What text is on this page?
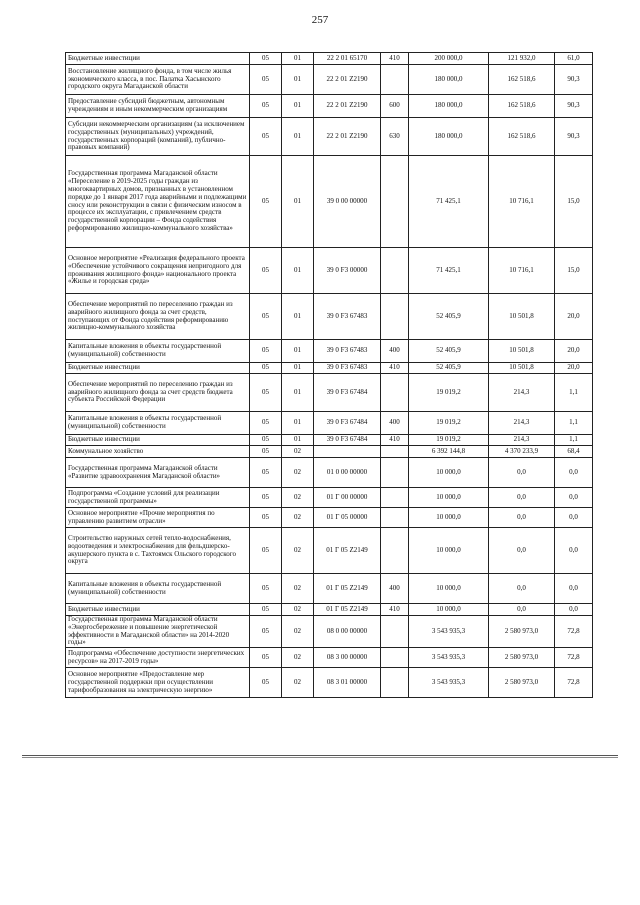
257
Бюджетные инвестиции	05	01	22 2 01 65170	410	200 000,0	121 932,0	61,0
Восстановление жилищного фонда, в том числе жилья экономического класса, в пос. Палатка Хасынского городского округа Магаданской области	05	01	22 2 01 Z2190		180 000,0	162 518,6	90,3
Предоставление субсидий бюджетным, автономным учреждениям и иным некоммерческим организациям	05	01	22 2 01 Z2190	600	180 000,0	162 518,6	90,3
Субсидии некоммерческим организациям (за исключением государственных (муниципальных) учреждений, государственных корпораций (компаний), публично-правовых компаний)	05	01	22 2 01 Z2190	630	180 000,0	162 518,6	90,3
Государственная программа Магаданской области «Переселение в 2019-2025 годы граждан из многоквартирных домов, признанных в установленном порядке до 1 января 2017 года аварийными и подлежащими сносу или реконструкции в связи с физическим износом в процессе их эксплуатации, с привлечением средств государственной корпорации – Фонда содействия реформированию жилищно-коммунального хозяйства»	05	01	39 0 00 00000		71 425,1	10 716,1	15,0
Основное мероприятие «Реализация федерального проекта «Обеспечение устойчивого сокращения непригодного для проживания жилищного фонда» национального проекта «Жилье и городская среда»	05	01	39 0 F3 00000		71 425,1	10 716,1	15,0
Обеспечение мероприятий по переселению граждан из аварийного жилищного фонда за счет средств, поступающих от Фонда содействия реформированию жилищно-коммунального хозяйства	05	01	39 0 F3 67483		52 405,9	10 501,8	20,0
Капитальные вложения в объекты государственной (муниципальной) собственности	05	01	39 0 F3 67483	400	52 405,9	10 501,8	20,0
Бюджетные инвестиции	05	01	39 0 F3 67483	410	52 405,9	10 501,8	20,0
Обеспечение мероприятий по переселению граждан из аварийного жилищного фонда за счет средств бюджета субъекта Российской Федерации	05	01	39 0 F3 67484		19 019,2	214,3	1,1
Капитальные вложения в объекты государственной (муниципальной) собственности	05	01	39 0 F3 67484	400	19 019,2	214,3	1,1
Бюджетные инвестиции	05	01	39 0 F3 67484	410	19 019,2	214,3	1,1
Коммунальное хозяйство	05	02			6 392 144,8	4 370 233,9	68,4
Государственная программа Магаданской области «Развитие здравоохранения Магаданской области»	05	02	01 0 00 00000		10 000,0	0,0	0,0
Подпрограмма «Создание условий для реализации государственной программы»	05	02	01 Г 00 00000		10 000,0	0,0	0,0
Основное мероприятие «Прочие мероприятия по управлению развитием отрасли»	05	02	01 Г 05 00000		10 000,0	0,0	0,0
Строительство наружных сетей тепло-водоснабжения, водоотведения и электроснабжения для фельдшерско-акушерского пункта в с. Тахтоямск Ольского городского округа	05	02	01 Г 05 Z2149		10 000,0	0,0	0,0
Капитальные вложения в объекты государственной (муниципальной) собственности	05	02	01 Г 05 Z2149	400	10 000,0	0,0	0,0
Бюджетные инвестиции	05	02	01 Г 05 Z2149	410	10 000,0	0,0	0,0
Государственная программа Магаданской области «Энергосбережение и повышение энергетической эффективности в Магаданской области» на 2014-2020 годы»	05	02	08 0 00 00000		3 543 935,3	2 580 973,0	72,8
Подпрограмма «Обеспечение доступности энергетических ресурсов» на 2017-2019 годы»	05	02	08 3 00 00000		3 543 935,3	2 580 973,0	72,8
Основное мероприятие «Предоставление мер государственной поддержки при осуществлении тарифообразования на электрическую энергию»	05	02	08 3 01 00000		3 543 935,3	2 580 973,0	72,8
